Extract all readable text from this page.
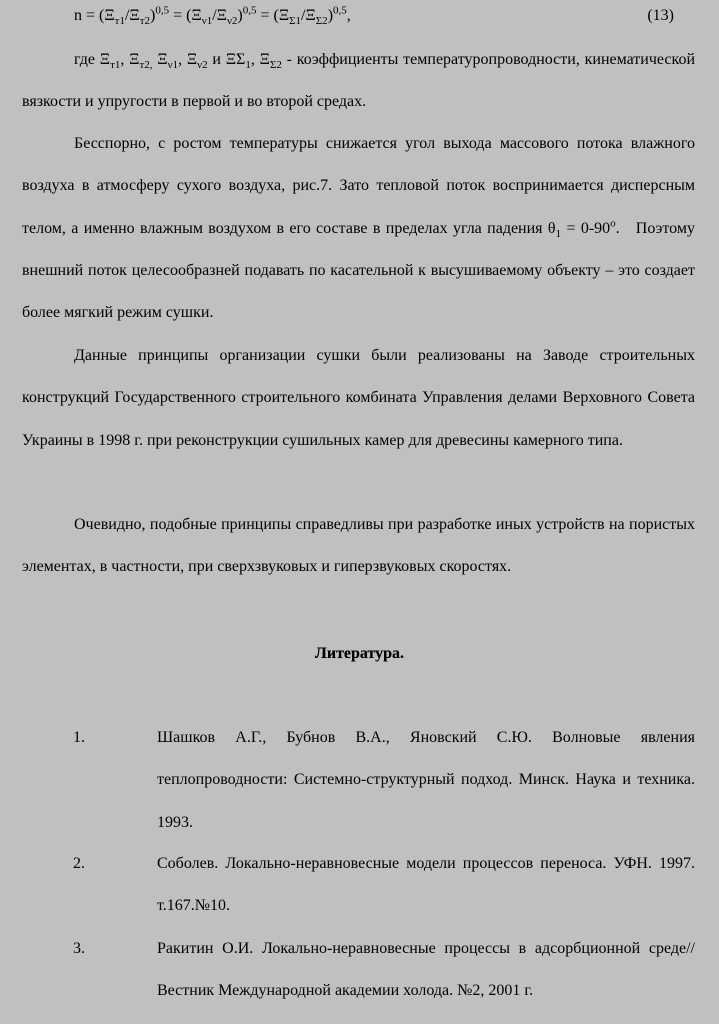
$n = (\Xi_{т1}/\Xi_{т2})^{0,5} = (\Xi_{\nu 1}/\Xi_{\nu 2})^{0,5} = (\Xi_{\Sigma 1}/\Xi_{\Sigma 2})^{0,5}$,	(13)

где $\Xi_{т1}$, $\Xi_{т2,}$ $\Xi_{\nu 1}$, $\Xi_{\nu 2}$ и $\Xi\Sigma_1$, $\Xi_{\Sigma 2}$ - коэффициенты температуропроводности, кинематической вязкости и упругости в первой и во второй средах.

Бесспорно, с ростом температуры снижается угол выхода массового потока влажного воздуха в атмосферу сухого воздуха, рис.7. Зато тепловой поток воспринимается дисперсным телом, а именно влажным воздухом в его составе в пределах угла падения $\theta_1 = 0-90^о$.   Поэтому внешний поток целесообразней подавать по касательной к высушиваемому объекту – это создает более мягкий режим сушки.

Данные принципы организации сушки были реализованы на Заводе строительных конструкций Государственного строительного комбината Управления делами Верховного Совета Украины в 1998 г. при реконструкции сушильных камер для древесины камерного типа.

Очевидно, подобные принципы справедливы при разработке иных устройств на пористых элементах, в частности, при сверхзвуковых и гиперзвуковых скоростях.

Литература.
1.	Шашков А.Г., Бубнов В.А., Яновский С.Ю. Волновые явления теплопроводности: Системно-структурный подход. Минск. Наука и техника. 1993.

2.	Соболев. Локально-неравновесные модели процессов переноса. УФН. 1997. т.167.№10.

3.	Ракитин О.И. Локально-неравновесные процессы в адсорбционной среде//Вестник Международной академии холода. №2, 2001 г.
